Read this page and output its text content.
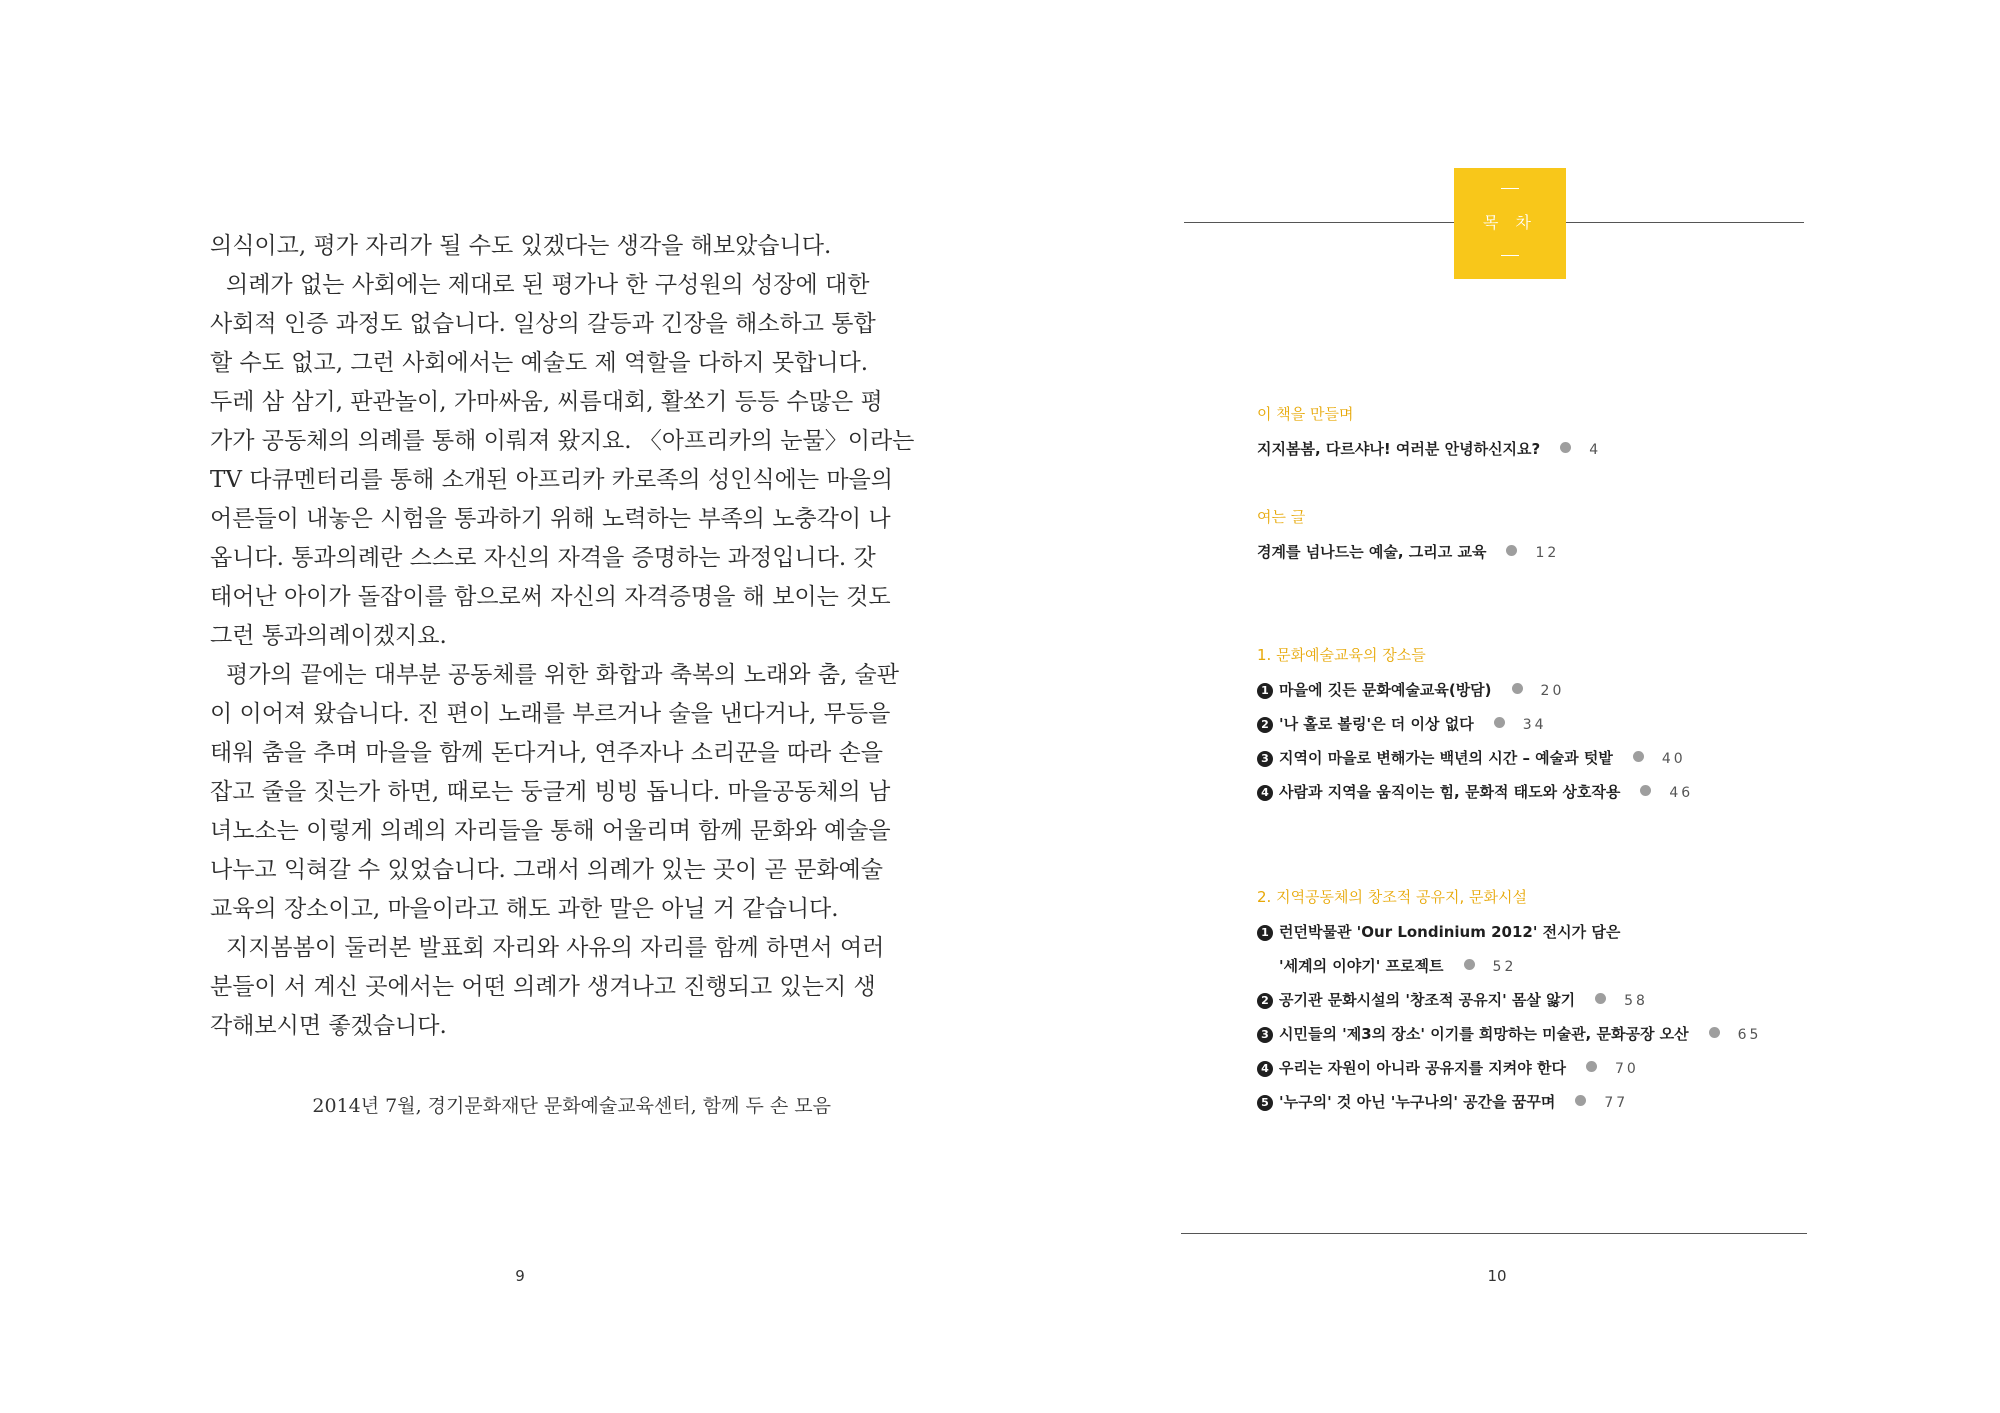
의식이고, 평가 자리가 될 수도 있겠다는 생각을 해보았습니다.
의례가 없는 사회에는 제대로 된 평가나 한 구성원의 성장에 대한
사회적 인증 과정도 없습니다. 일상의 갈등과 긴장을 해소하고 통합
할 수도 없고, 그런 사회에서는 예술도 제 역할을 다하지 못합니다.
두레 삼 삼기, 판관놀이, 가마싸움, 씨름대회, 활쏘기 등등 수많은 평
가가 공동체의 의례를 통해 이뤄져 왔지요. 〈아프리카의 눈물〉이라는
TV 다큐멘터리를 통해 소개된 아프리카 카로족의 성인식에는 마을의
어른들이 내놓은 시험을 통과하기 위해 노력하는 부족의 노충각이 나
옵니다. 통과의례란 스스로 자신의 자격을 증명하는 과정입니다. 갓
태어난 아이가 돌잡이를 함으로써 자신의 자격증명을 해 보이는 것도
그런 통과의례이겠지요.
평가의 끝에는 대부분 공동체를 위한 화합과 축복의 노래와 춤, 술판
이 이어져 왔습니다. 진 편이 노래를 부르거나 술을 낸다거나, 무등을
태워 춤을 추며 마을을 함께 돈다거나, 연주자나 소리꾼을 따라 손을
잡고 줄을 짓는가 하면, 때로는 둥글게 빙빙 돕니다. 마을공동체의 남
녀노소는 이렇게 의례의 자리들을 통해 어울리며 함께 문화와 예술을
나누고 익혀갈 수 있었습니다. 그래서 의례가 있는 곳이 곧 문화예술
교육의 장소이고, 마을이라고 해도 과한 말은 아닐 거 같습니다.
지지봄봄이 둘러본 발표회 자리와 사유의 자리를 함께 하면서 여러
분들이 서 계신 곳에서는 어떤 의례가 생겨나고 진행되고 있는지 생
각해보시면 좋겠습니다.
2014년 7월, 경기문화재단 문화예술교육센터, 함께 두 손 모음
9
목 차
이 책을 만들며
지지봄봄, 다르샤나! 여러분 안녕하신지요?	4
여는 글
경계를 넘나드는 예술, 그리고 교육	12
1. 문화예술교육의 장소들
1 마을에 깃든 문화예술교육(방담)	20
2 '나 홀로 볼링'은 더 이상 없다	34
3 지역이 마을로 변해가는 백년의 시간 – 예술과 텃밭	40
4 사람과 지역을 움직이는 힘, 문화적 태도와 상호작용	46
2. 지역공동체의 창조적 공유지, 문화시설
1 런던박물관 'Our Londinium 2012' 전시가 담은
'세계의 이야기' 프로젝트	52
2 공기관 문화시설의 '창조적 공유지' 몸살 앓기	58
3 시민들의 '제3의 장소' 이기를 희망하는 미술관, 문화공장 오산	65
4 우리는 자원이 아니라 공유지를 지켜야 한다	70
5 '누구의' 것 아닌 '누구나의' 공간을 꿈꾸며	77
10
